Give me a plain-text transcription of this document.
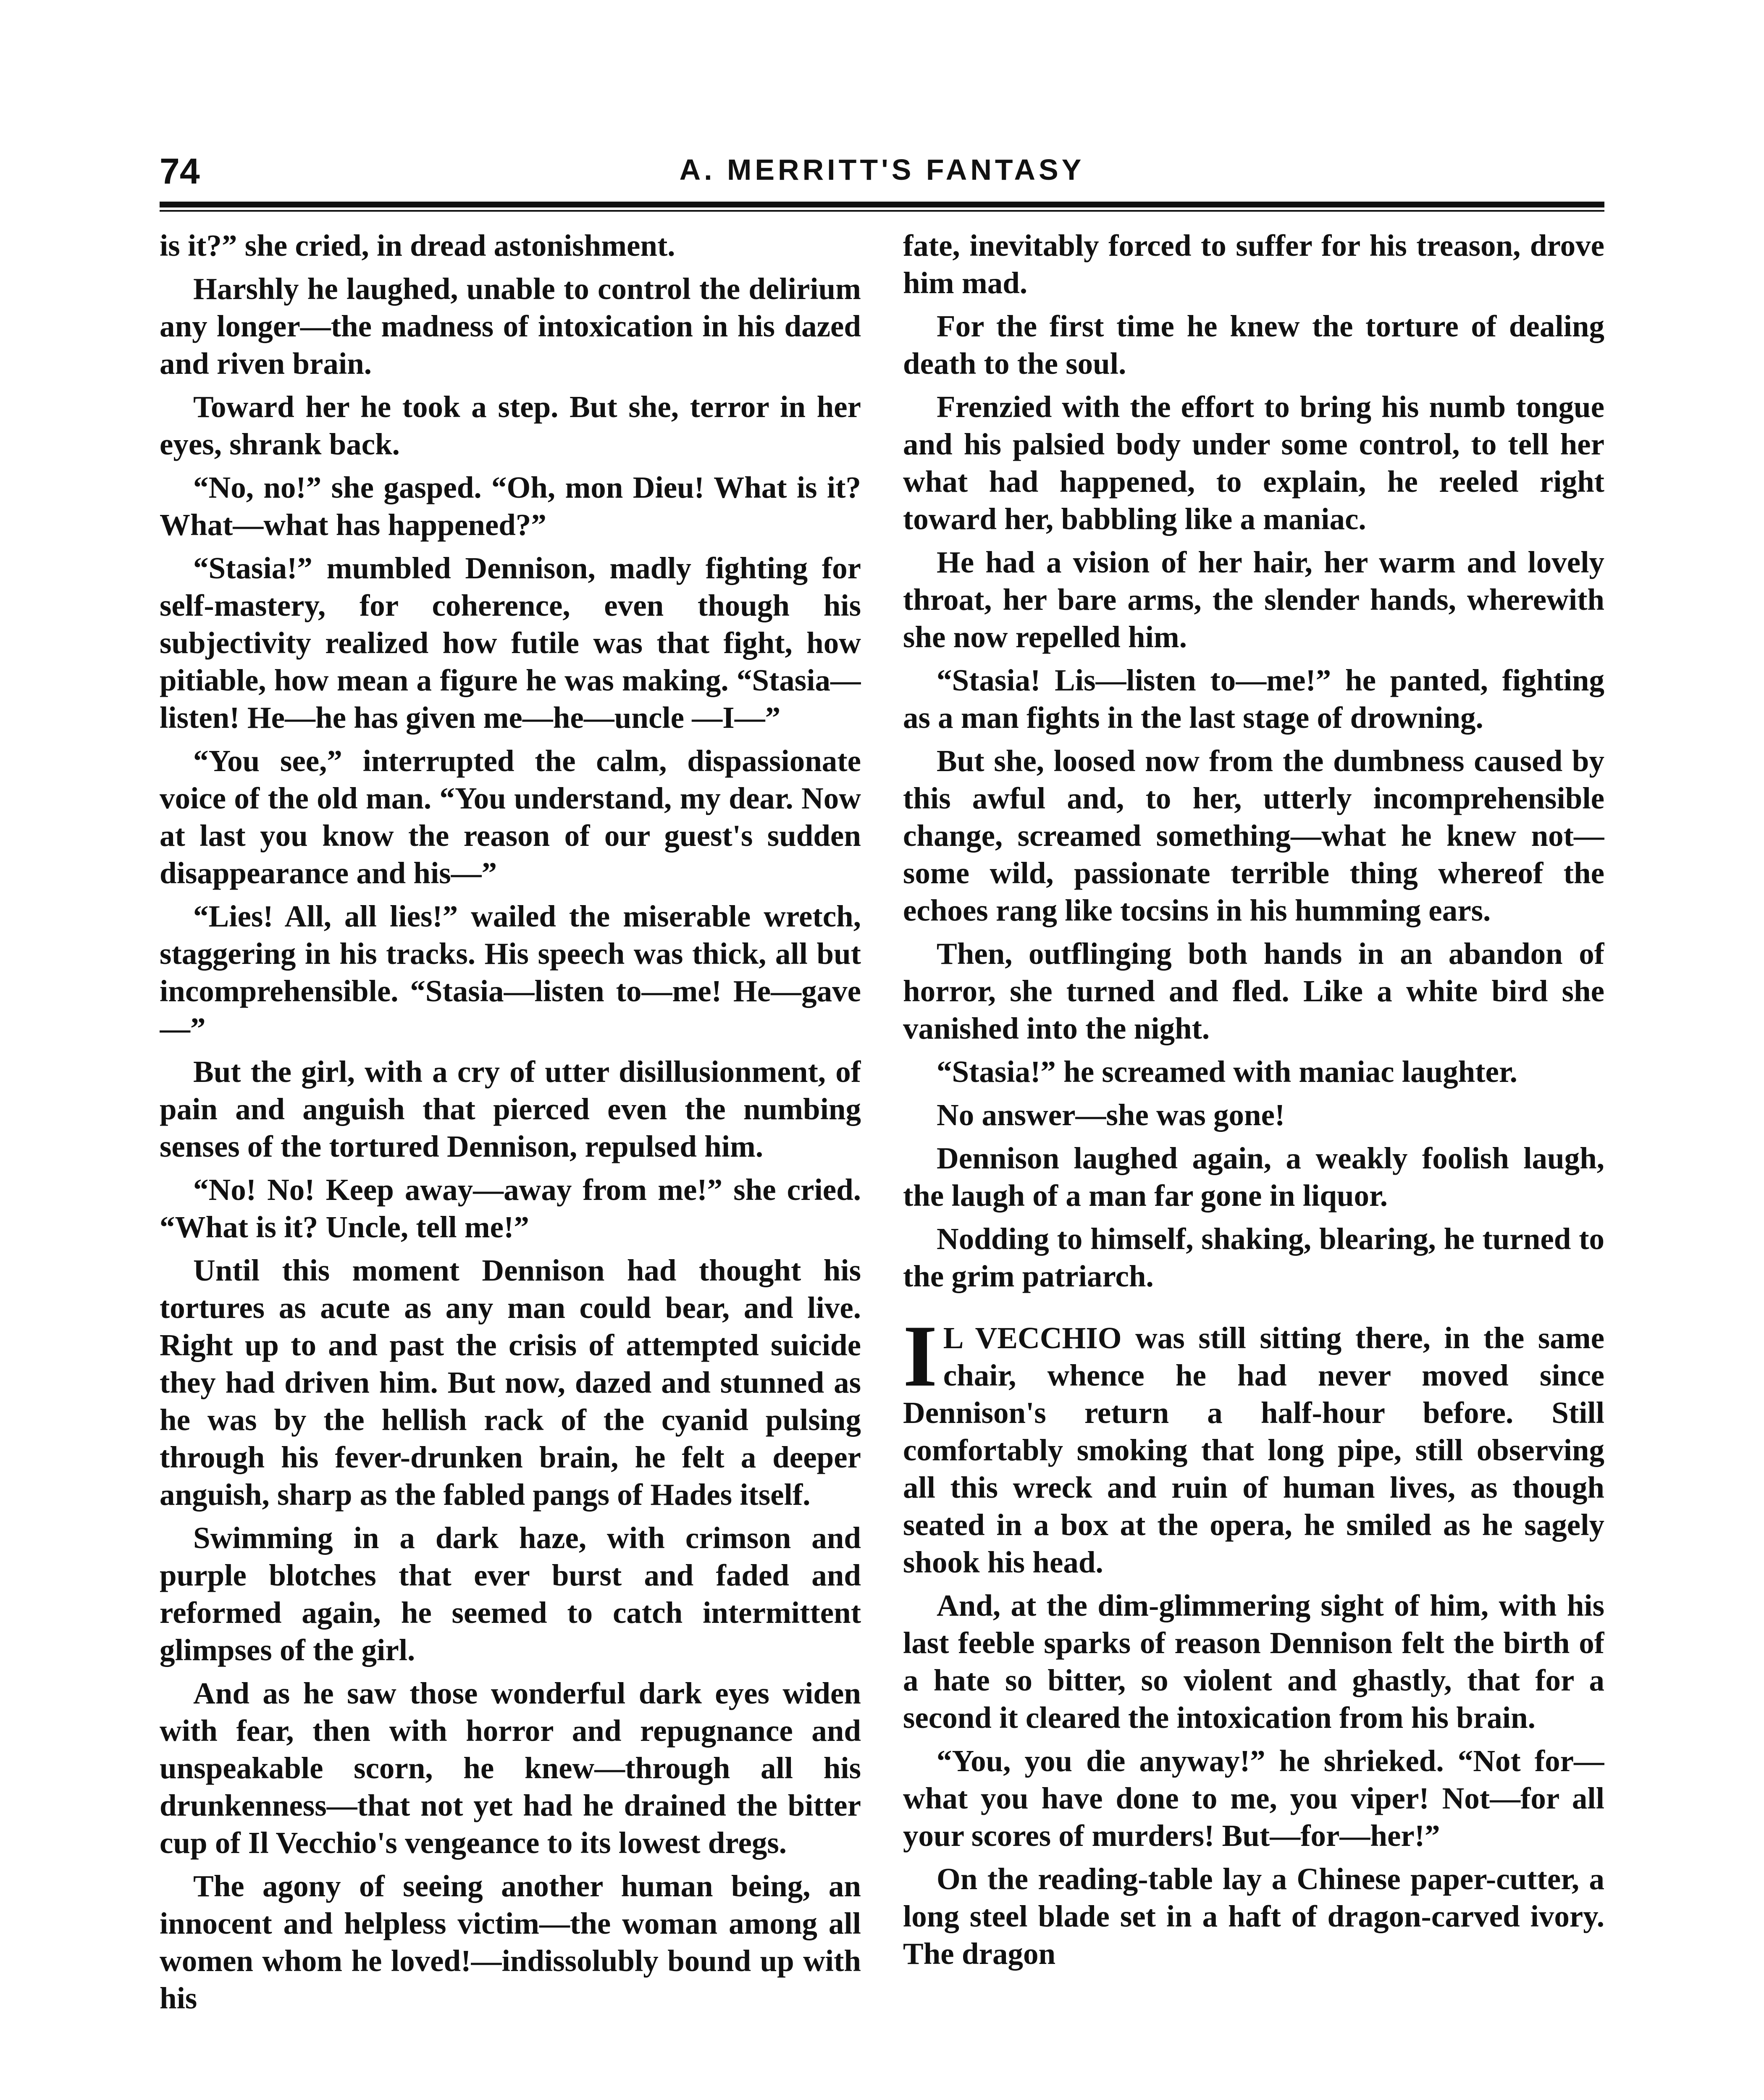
74	A. MERRITT'S FANTASY

is it?” she cried, in dread astonishment.

Harshly he laughed, unable to control the delirium any longer—the madness of intoxication in his dazed and riven brain.

Toward her he took a step. But she, terror in her eyes, shrank back.

“No, no!” she gasped. “Oh, mon Dieu! What is it? What—what has happened?”

“Stasia!” mumbled Dennison, madly fighting for self-mastery, for coherence, even though his subjectivity realized how futile was that fight, how pitiable, how mean a figure he was making. “Stasia—listen! He—he has given me—he—uncle —I—”

“You see,” interrupted the calm, dispassionate voice of the old man. “You understand, my dear. Now at last you know the reason of our guest's sudden disappearance and his—”

“Lies! All, all lies!” wailed the miserable wretch, staggering in his tracks. His speech was thick, all but incomprehensible. “Stasia—listen to—me! He—gave—”

But the girl, with a cry of utter disillusionment, of pain and anguish that pierced even the numbing senses of the tortured Dennison, repulsed him.

“No! No! Keep away—away from me!” she cried. “What is it? Uncle, tell me!”

Until this moment Dennison had thought his tortures as acute as any man could bear, and live. Right up to and past the crisis of attempted suicide they had driven him. But now, dazed and stunned as he was by the hellish rack of the cyanid pulsing through his fever-drunken brain, he felt a deeper anguish, sharp as the fabled pangs of Hades itself.

Swimming in a dark haze, with crimson and purple blotches that ever burst and faded and reformed again, he seemed to catch intermittent glimpses of the girl.

And as he saw those wonderful dark eyes widen with fear, then with horror and repugnance and unspeakable scorn, he knew—through all his drunkenness—that not yet had he drained the bitter cup of Il Vecchio's vengeance to its lowest dregs.

The agony of seeing another human being, an innocent and helpless victim—the woman among all women whom he loved!—indissolubly bound up with his

fate, inevitably forced to suffer for his treason, drove him mad.

For the first time he knew the torture of dealing death to the soul.

Frenzied with the effort to bring his numb tongue and his palsied body under some control, to tell her what had happened, to explain, he reeled right toward her, babbling like a maniac.

He had a vision of her hair, her warm and lovely throat, her bare arms, the slender hands, wherewith she now repelled him.

“Stasia! Lis—listen to—me!” he panted, fighting as a man fights in the last stage of drowning.

But she, loosed now from the dumbness caused by this awful and, to her, utterly incomprehensible change, screamed something—what he knew not—some wild, passionate terrible thing whereof the echoes rang like tocsins in his humming ears.

Then, outflinging both hands in an abandon of horror, she turned and fled. Like a white bird she vanished into the night.

“Stasia!” he screamed with maniac laughter.

No answer—she was gone!

Dennison laughed again, a weakly foolish laugh, the laugh of a man far gone in liquor.

Nodding to himself, shaking, blearing, he turned to the grim patriarch.

I L VECCHIO was still sitting there, in the same chair, whence he had never moved since Dennison's return a half-hour before. Still comfortably smoking that long pipe, still observing all this wreck and ruin of human lives, as though seated in a box at the opera, he smiled as he sagely shook his head.

And, at the dim-glimmering sight of him, with his last feeble sparks of reason Dennison felt the birth of a hate so bitter, so violent and ghastly, that for a second it cleared the intoxication from his brain.

“You, you die anyway!” he shrieked. “Not for—what you have done to me, you viper! Not—for all your scores of murders! But—for—her!”

On the reading-table lay a Chinese paper-cutter, a long steel blade set in a haft of dragon-carved ivory. The dragon
